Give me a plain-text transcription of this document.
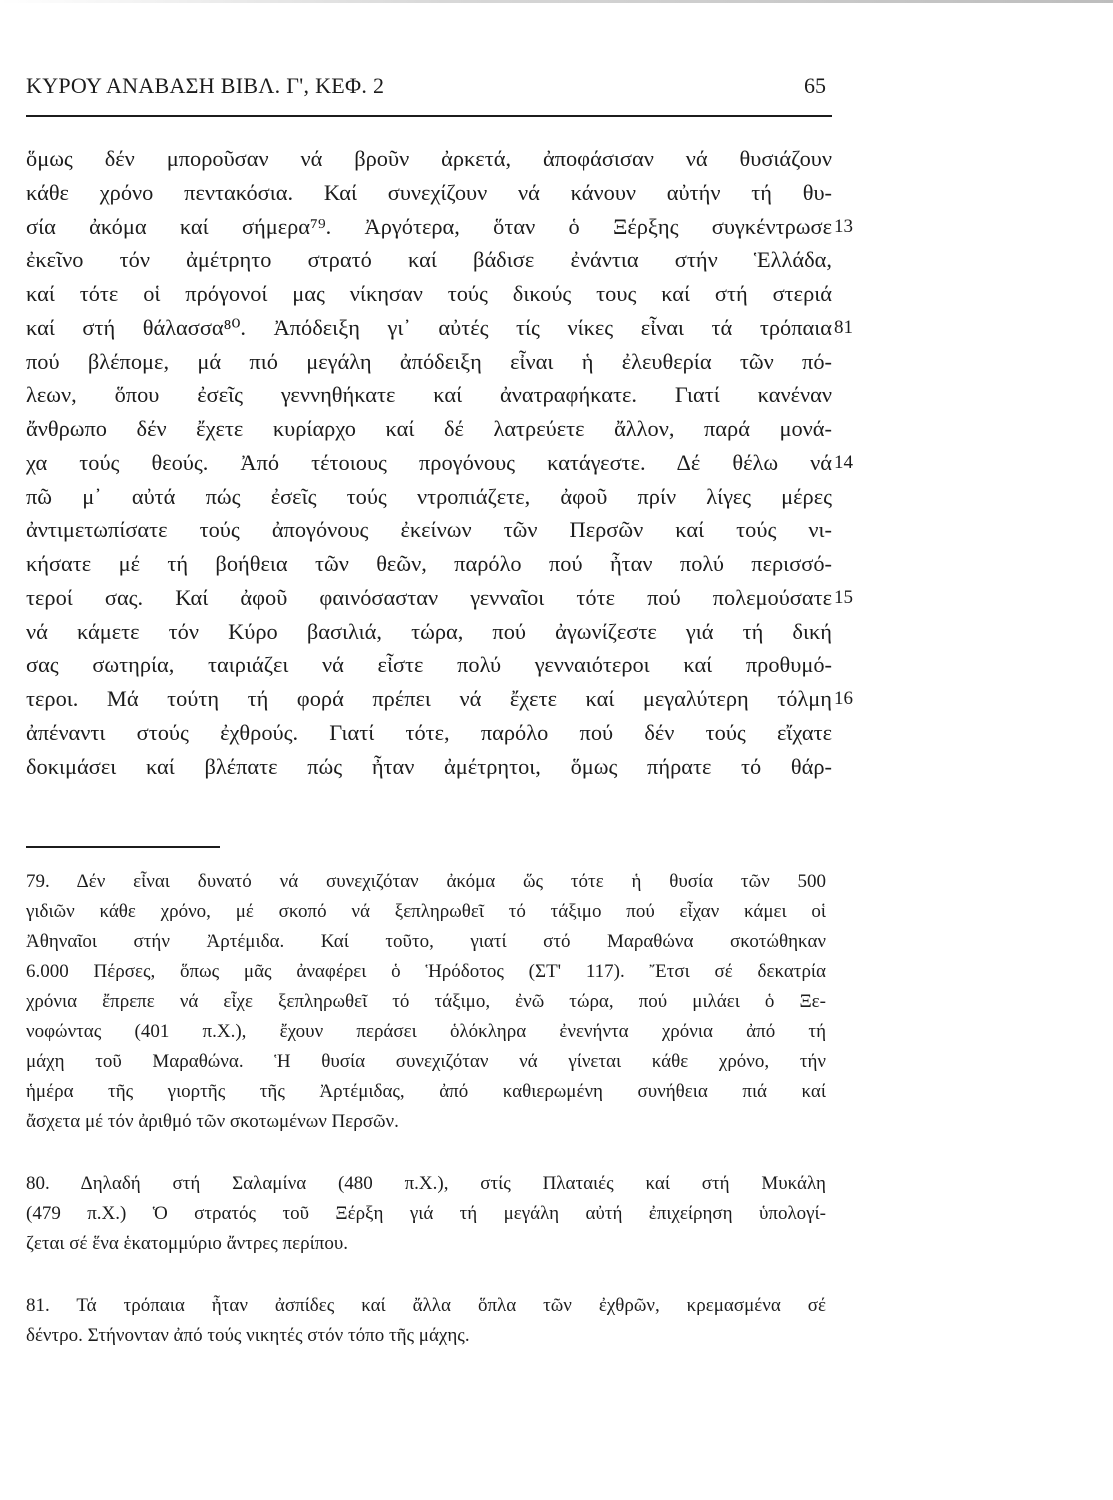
ΚΥΡΟΥ ΑΝΑΒΑΣΗ ΒΙΒΛ. Γ', ΚΕΦ. 2	65
ὅμως δέν μποροῦσαν νά βροῦν ἀρκετά, ἀποφάσισαν νά θυσιάζουν
κάθε χρόνο πεντακόσια. Καί συνεχίζουν νά κάνουν αὐτήν τή θυ-
σία ἀκόμα καί σήμερα⁷⁹. Ἀργότερα, ὅταν ὁ Ξέρξης συγκέντρωσε 13
ἐκεῖνο τόν ἀμέτρητο στρατό καί βάδισε ἐνάντια στήν Ἑλλάδα,
καί τότε οἱ πρόγονοί μας νίκησαν τούς δικούς τους καί στή στεριά
καί στή θάλασσα⁸⁰. Ἀπόδειξη γι᾽ αὐτές τίς νίκες εἶναι τά τρόπαια 81
πού βλέπομε, μά πιό μεγάλη ἀπόδειξη εἶναι ἡ ἐλευθερία τῶν πό-
λεων, ὅπου ἐσεῖς γεννηθήκατε καί ἀνατραφήκατε. Γιατί κανέναν
ἄνθρωπο δέν ἔχετε κυρίαρχο καί δέ λατρεύετε ἄλλον, παρά μονά-
χα τούς θεούς. Ἀπό τέτοιους προγόνους κατάγεστε. Δέ θέλω νά 14
πῶ μ᾽ αὐτά πώς ἐσεῖς τούς ντροπιάζετε, ἀφοῦ πρίν λίγες μέρες
ἀντιμετωπίσατε τούς ἀπογόνους ἐκείνων τῶν Περσῶν καί τούς νι-
κήσατε μέ τή βοήθεια τῶν θεῶν, παρόλο πού ἦταν πολύ περισσό-
τεροί σας. Καί ἀφοῦ φαινόσασταν γενναῖοι τότε πού πολεμούσατε 15
νά κάμετε τόν Κύρο βασιλιά, τώρα, πού ἀγωνίζεστε γιά τή δική
σας σωτηρία, ταιριάζει νά εἶστε πολύ γενναιότεροι καί προθυμό-
τεροι. Μά τούτη τή φορά πρέπει νά ἔχετε καί μεγαλύτερη τόλμη 16
ἀπέναντι στούς ἐχθρούς. Γιατί τότε, παρόλο πού δέν τούς εἴχατε
δοκιμάσει καί βλέπατε πώς ἦταν ἀμέτρητοι, ὅμως πήρατε τό θάρ-
79. Δέν εἶναι δυνατό νά συνεχιζόταν ἀκόμα ὥς τότε ἡ θυσία τῶν 500
γιδιῶν κάθε χρόνο, μέ σκοπό νά ξεπληρωθεῖ τό τάξιμο πού εἶχαν κάμει οἱ
Ἀθηναῖοι στήν Ἀρτέμιδα. Καί τοῦτο, γιατί στό Μαραθώνα σκοτώθηκαν
6.000 Πέρσες, ὅπως μᾶς ἀναφέρει ὁ Ἡρόδοτος (ΣΤ' 117). Ἔτσι σέ δεκατρία
χρόνια ἔπρεπε νά εἶχε ξεπληρωθεῖ τό τάξιμο, ἐνῶ τώρα, πού μιλάει ὁ Ξε-
νοφώντας (401 π.Χ.), ἔχουν περάσει ὁλόκληρα ἐνενήντα χρόνια ἀπό τή
μάχη τοῦ Μαραθώνα. Ἡ θυσία συνεχιζόταν νά γίνεται κάθε χρόνο, τήν
ἡμέρα τῆς γιορτῆς τῆς Ἀρτέμιδας, ἀπό καθιερωμένη συνήθεια πιά καί
ἄσχετα μέ τόν ἀριθμό τῶν σκοτωμένων Περσῶν.
80. Δηλαδή στή Σαλαμίνα (480 π.Χ.), στίς Πλαταιές καί στή Μυκάλη
(479 π.Χ.) Ὁ στρατός τοῦ Ξέρξη γιά τή μεγάλη αὐτή ἐπιχείρηση ὑπολογί-
ζεται σέ ἕνα ἑκατομμύριο ἄντρες περίπου.
81. Τά τρόπαια ἦταν ἀσπίδες καί ἄλλα ὅπλα τῶν ἐχθρῶν, κρεμασμένα σέ
δέντρο. Στήνονταν ἀπό τούς νικητές στόν τόπο τῆς μάχης.
